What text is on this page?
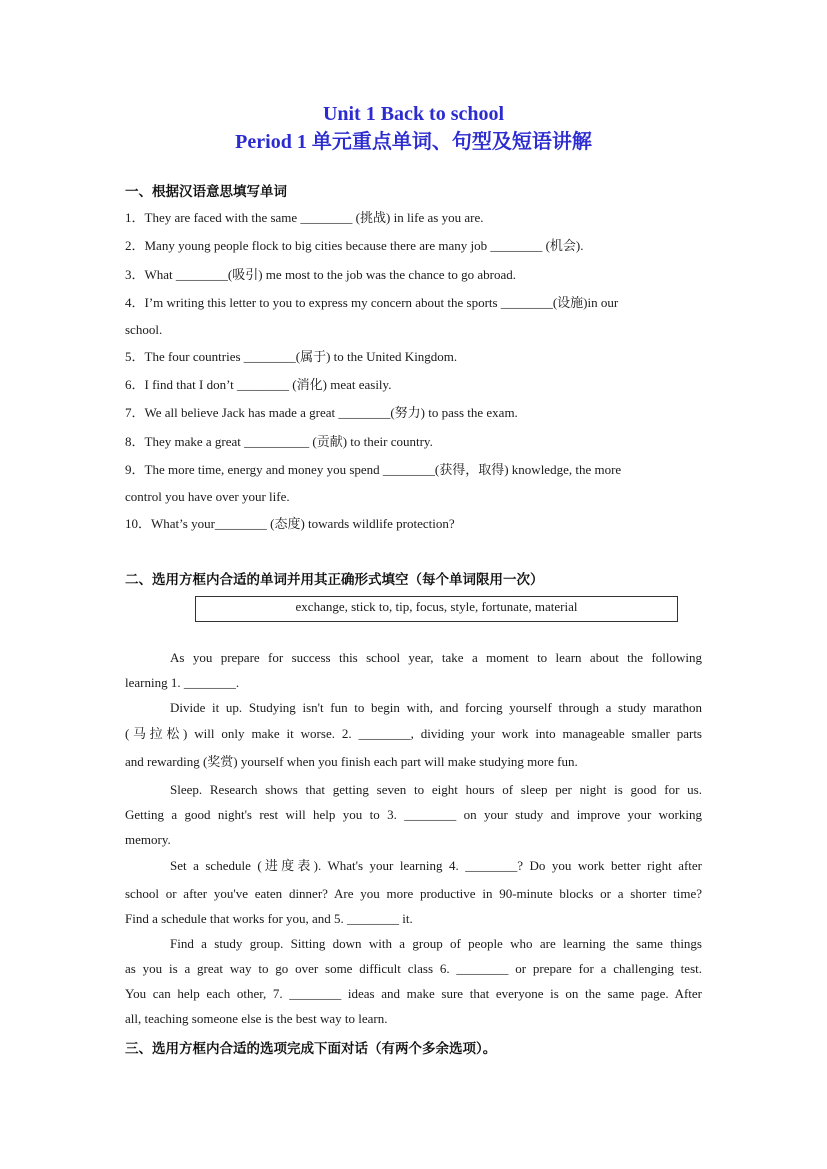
Unit 1 Back to school
Period 1 单元重点单词、句型及短语讲解
一、根据汉语意思填写单词
1．They are faced with the same ________ (挑战) in life as you are.
2．Many young people flock to big cities because there are many job ________ (机会).
3．What ________(吸引) me most to the job was the chance to go abroad.
4．I’m writing this letter to you to express my concern about the sports ________(设施)in our
school.
5．The four countries ________(属于) to the United Kingdom.
6．I find that I don’t ________ (消化) meat easily.
7．We all believe Jack has made a great ________(努力) to pass the exam.
8．They make a great __________ (贡献) to their country.
9．The more time, energy and money you spend ________(获得，取得) knowledge, the more
control you have over your life.
10．What’s your________ (态度) towards wildlife protection?
二、选用方框内合适的单词并用其正确形式填空（每个单词限用一次）
exchange, stick to, tip, focus, style, fortunate, material
As you prepare for success this school year, take a moment to learn about the following
learning 1. ________.
Divide it up. Studying isn't fun to begin with, and forcing yourself through a study marathon
(马拉松) will only make it worse. 2. ________, dividing your work into manageable smaller parts
and rewarding (奖赏) yourself when you finish each part will make studying more fun.
Sleep. Research shows that getting seven to eight hours of sleep per night is good for us.
Getting a good night's rest will help you to 3. ________ on your study and improve your working
memory.
Set a schedule (进度表). What's your learning 4. ________? Do you work better right after
school or after you've eaten dinner? Are you more productive in 90-minute blocks or a shorter time?
Find a schedule that works for you, and 5. ________ it.
Find a study group. Sitting down with a group of people who are learning the same things
as you is a great way to go over some difficult class 6. ________ or prepare for a challenging test.
You can help each other, 7. ________ ideas and make sure that everyone is on the same page. After
all, teaching someone else is the best way to learn.
三、选用方框内合适的选项完成下面对话（有两个多余选项）。
